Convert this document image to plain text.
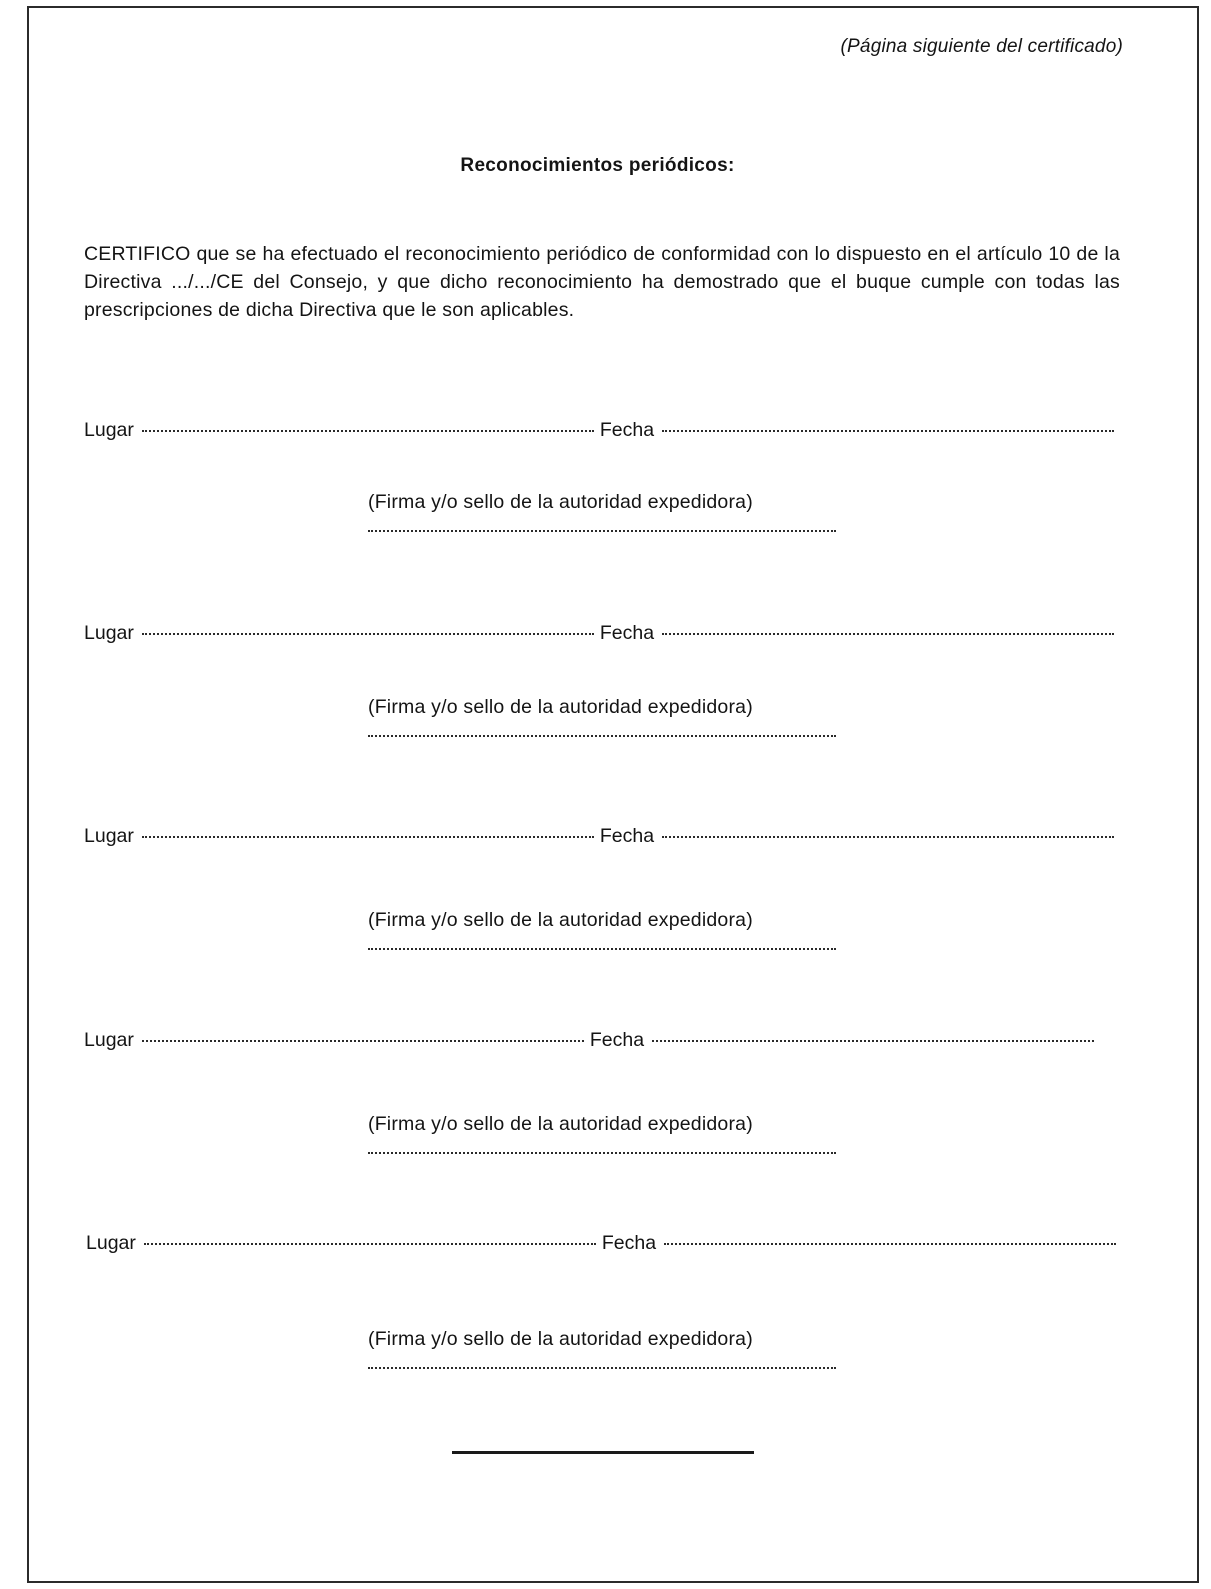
(Página siguiente del certificado)
Reconocimientos periódicos:
CERTIFICO que se ha efectuado el reconocimiento periódico de conformidad con lo dispuesto en el artículo 10 de la Directiva .../.../CE del Consejo, y que dicho reconocimiento ha demostrado que el buque cumple con todas las prescripciones de dicha Directiva que le son aplicables.
Lugar	Fecha
(Firma y/o sello de la autoridad expedidora)
Lugar	Fecha
(Firma y/o sello de la autoridad expedidora)
Lugar	Fecha
(Firma y/o sello de la autoridad expedidora)
Lugar	Fecha
(Firma y/o sello de la autoridad expedidora)
Lugar	Fecha
(Firma y/o sello de la autoridad expedidora)
